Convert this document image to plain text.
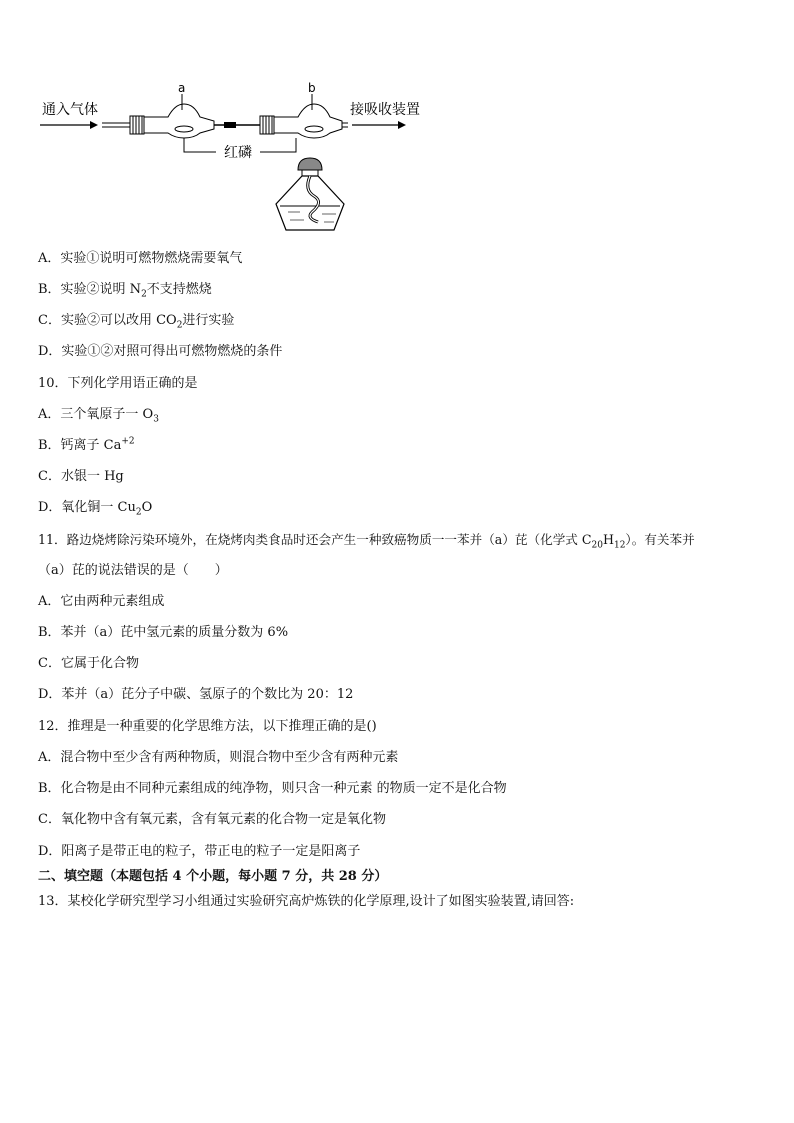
通入气体
a	b
接吸收装置
红磷
A．实验①说明可燃物燃烧需要氧气
B．实验②说明 $N_2$不支持燃烧
C．实验②可以改用 $CO_2$进行实验
D．实验①②对照可得出可燃物燃烧的条件
10．下列化学用语正确的是
A．三个氧原子一 $O_3$
B．钙离子 $Ca^{+2}$
C．水银一 Hg
D．氧化铜一 $Cu_2O$
11．路边烧烤除污染环境外，在烧烤肉类食品时还会产生一种致癌物质一一苯并（a）芘（化学式 $C_{20}H_{12}$）。有关苯并
（a）芘的说法错误的是（　　）
A．它由两种元素组成
B．苯并（a）芘中氢元素的质量分数为 6%
C．它属于化合物
D．苯并（a）芘分子中碳、氢原子的个数比为 20：12
12．推理是一种重要的化学思维方法，以下推理正确的是()
A．混合物中至少含有两种物质，则混合物中至少含有两种元素
B．化合物是由不同种元素组成的纯净物，则只含一种元素 的物质一定不是化合物
C．氧化物中含有氧元素，含有氧元素的化合物一定是氧化物
D．阳离子是带正电的粒子，带正电的粒子一定是阳离子
二、填空题（本题包括 4 个小题，每小题 7 分，共 28 分）
13．某校化学研究型学习小组通过实验研究高炉炼铁的化学原理,设计了如图实验装置,请回答:
